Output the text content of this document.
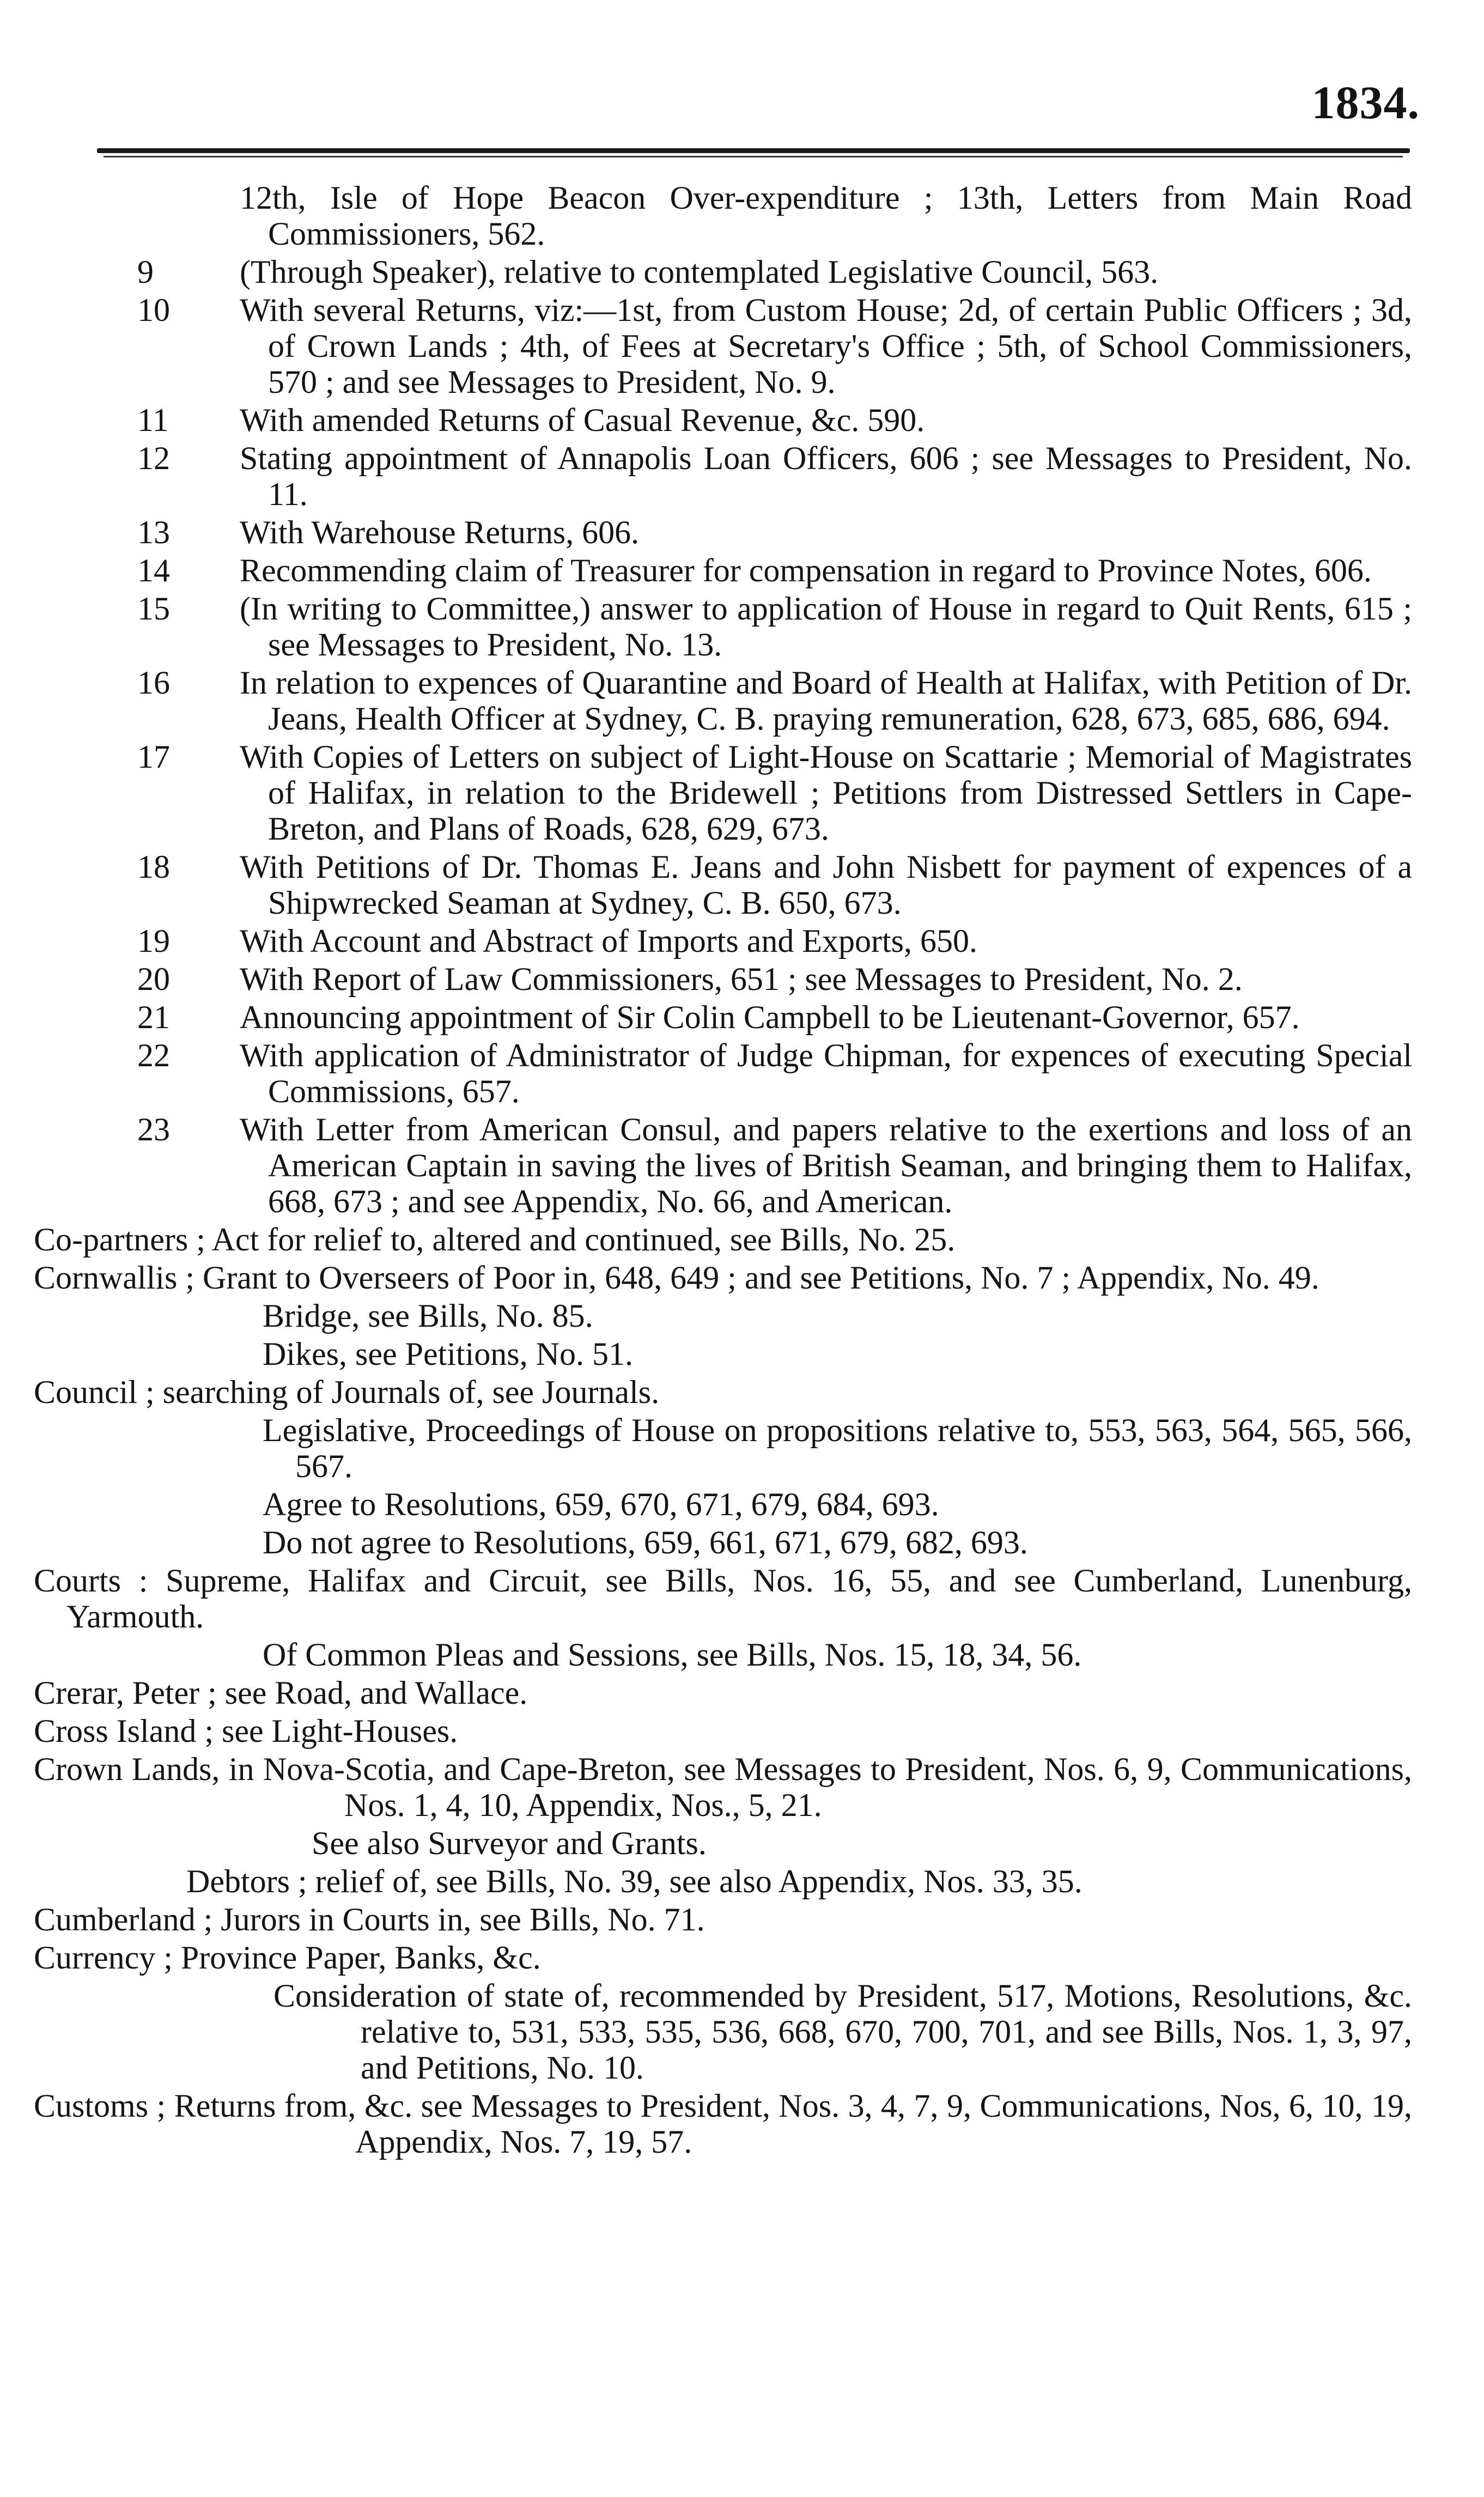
1834.

12th, Isle of Hope Beacon Over-expenditure ; 13th, Letters from Main Road Commissioners, 562.

9	(Through Speaker), relative to contemplated Legislative Council, 563.

10 With several Returns, viz:—1st, from Custom House; 2d, of certain Public Officers ; 3d, of Crown Lands ; 4th, of Fees at Secretary's Office ; 5th, of School Commissioners, 570 ; and see Messages to President, No. 9.

11 With amended Returns of Casual Revenue, &c. 590.

12 Stating appointment of Annapolis Loan Officers, 606 ; see Messages to President, No. 11.

13 With Warehouse Returns, 606.

14 Recommending claim of Treasurer for compensation in regard to Province Notes, 606.

15 (In writing to Committee,) answer to application of House in regard to Quit Rents, 615 ; see Messages to President, No. 13.

16 In relation to expences of Quarantine and Board of Health at Halifax, with Petition of Dr. Jeans, Health Officer at Sydney, C. B. praying remuneration, 628, 673, 685, 686, 694.

17 With Copies of Letters on subject of Light-House on Scattarie ; Memorial of Magistrates of Halifax, in relation to the Bridewell ; Petitions from Distressed Settlers in Cape-Breton, and Plans of Roads, 628, 629, 673.

18 With Petitions of Dr. Thomas E. Jeans and John Nisbett for payment of expences of a Shipwrecked Seaman at Sydney, C. B. 650, 673.

19 With Account and Abstract of Imports and Exports, 650.

20 With Report of Law Commissioners, 651 ; see Messages to President, No. 2.

21 Announcing appointment of Sir Colin Campbell to be Lieutenant-Governor, 657.

22 With application of Administrator of Judge Chipman, for expences of executing Special Commissions, 657.

23 With Letter from American Consul, and papers relative to the exertions and loss of an American Captain in saving the lives of British Seaman, and bringing them to Halifax, 668, 673 ; and see Appendix, No. 66, and American.

Co-partners ; Act for relief to, altered and continued, see Bills, No. 25.

Cornwallis ; Grant to Overseers of Poor in, 648, 649 ; and see Petitions, No. 7 ; Appendix, No. 49.

Bridge, see Bills, No. 85.

Dikes, see Petitions, No. 51.

Council ; searching of Journals of, see Journals.

Legislative, Proceedings of House on propositions relative to, 553, 563, 564, 565, 566, 567.

Agree to Resolutions, 659, 670, 671, 679, 684, 693.

Do not agree to Resolutions, 659, 661, 671, 679, 682, 693.

Courts : Supreme, Halifax and Circuit, see Bills, Nos. 16, 55, and see Cumberland, Lunenburg, Yarmouth.

Of Common Pleas and Sessions, see Bills, Nos. 15, 18, 34, 56.

Crerar, Peter ; see Road, and Wallace.

Cross Island ; see Light-Houses.

Crown Lands, in Nova-Scotia, and Cape-Breton, see Messages to President, Nos. 6, 9, Communications, Nos. 1, 4, 10, Appendix, Nos., 5, 21.

See also Surveyor and Grants.

Debtors ; relief of, see Bills, No. 39, see also Appendix, Nos. 33, 35.

Cumberland ; Jurors in Courts in, see Bills, No. 71.

Currency ; Province Paper, Banks, &c.

Consideration of state of, recommended by President, 517, Motions, Resolutions, &c. relative to, 531, 533, 535, 536, 668, 670, 700, 701, and see Bills, Nos. 1, 3, 97, and Petitions, No. 10.

Customs ; Returns from, &c. see Messages to President, Nos. 3, 4, 7, 9, Communications, Nos, 6, 10, 19, Appendix, Nos. 7, 19, 57.
